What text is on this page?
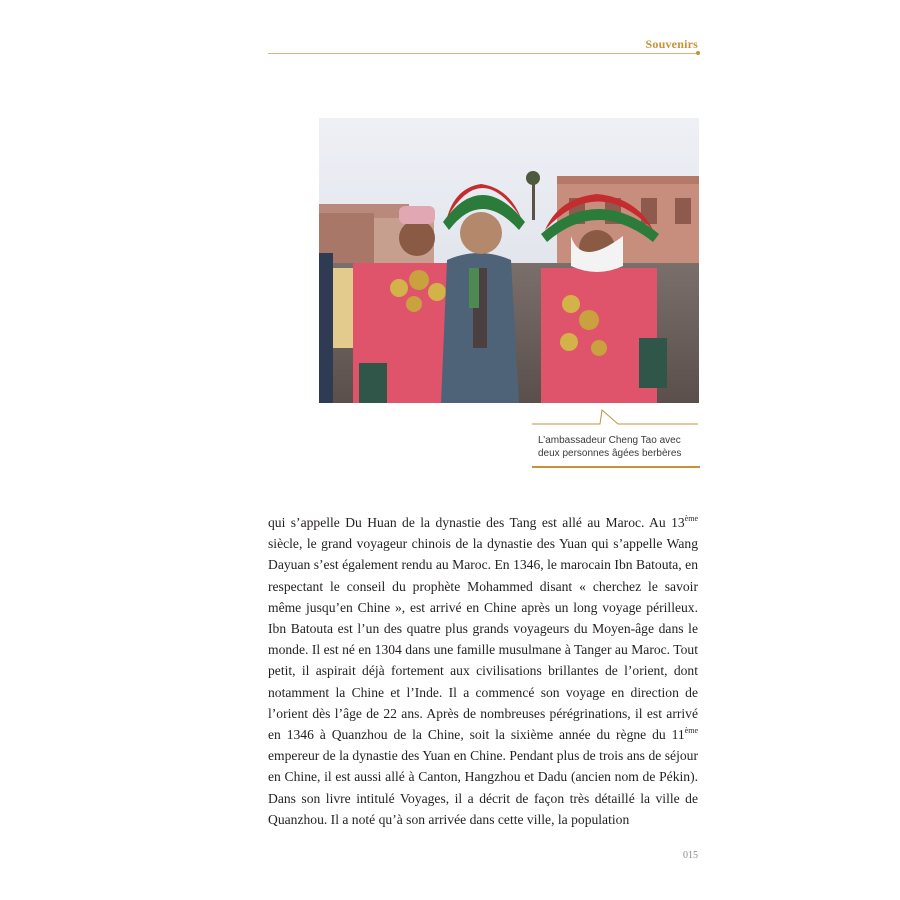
Souvenirs
L’ambassadeur Cheng Tao avec deux personnes âgées berbères

qui s’appelle Du Huan de la dynastie des Tang est allé au Maroc. Au 13ème siècle, le grand voyageur chinois de la dynastie des Yuan qui s’appelle Wang Dayuan s’est également rendu au Maroc. En 1346, le marocain Ibn Batouta, en respectant le conseil du prophète Mohammed disant « cherchez le savoir même jusqu’en Chine », est arrivé en Chine après un long voyage périlleux. Ibn Batouta est l’un des quatre plus grands voyageurs du Moyen-âge dans le monde. Il est né en 1304 dans une famille musulmane à Tanger au Maroc. Tout petit, il aspirait déjà fortement aux civilisations brillantes de l’orient, dont notamment la Chine et l’Inde. Il a commencé son voyage en direction de l’orient dès l’âge de 22 ans. Après de nombreuses pérégrinations, il est arrivé en 1346 à Quanzhou de la Chine, soit la sixième année du règne du 11ème empereur de la dynastie des Yuan en Chine. Pendant plus de trois ans de séjour en Chine, il est aussi allé à Canton, Hangzhou et Dadu (ancien nom de Pékin). Dans son livre intitulé Voyages, il a décrit de façon très détaillé la ville de Quanzhou. Il a noté qu’à son arrivée dans cette ville, la population

015
